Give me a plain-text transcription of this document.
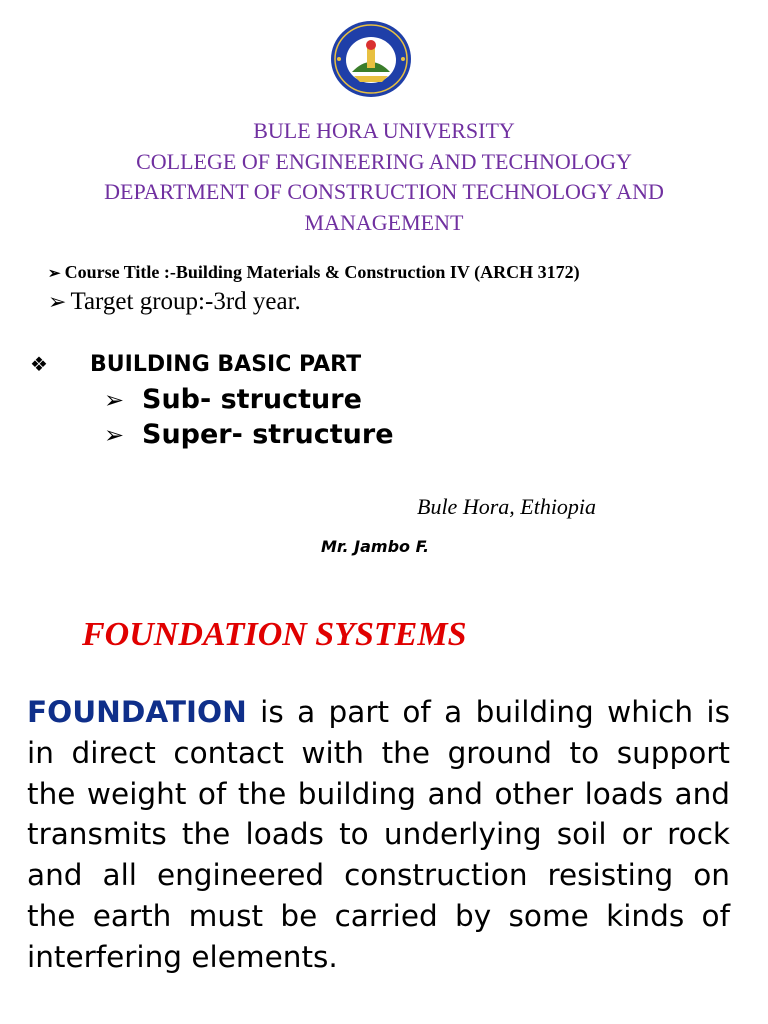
BULE HORA UNIVERSITY
COLLEGE OF ENGINEERING AND TECHNOLOGY
DEPARTMENT OF CONSTRUCTION TECHNOLOGY AND
MANAGEMENT
➢ Course Title :-Building Materials & Construction IV (ARCH 3172)
➢ Target group:-3rd year.
❖ BUILDING BASIC PART
➢ Sub- structure
➢ Super- structure
Bule Hora, Ethiopia
Mr. Jambo F.
FOUNDATION SYSTEMS
FOUNDATION is a part of a building which is in direct contact with the ground to support the weight of the building and other loads and transmits the loads to underlying soil or rock and all engineered construction resisting on the earth must be carried by some kinds of interfering elements.
